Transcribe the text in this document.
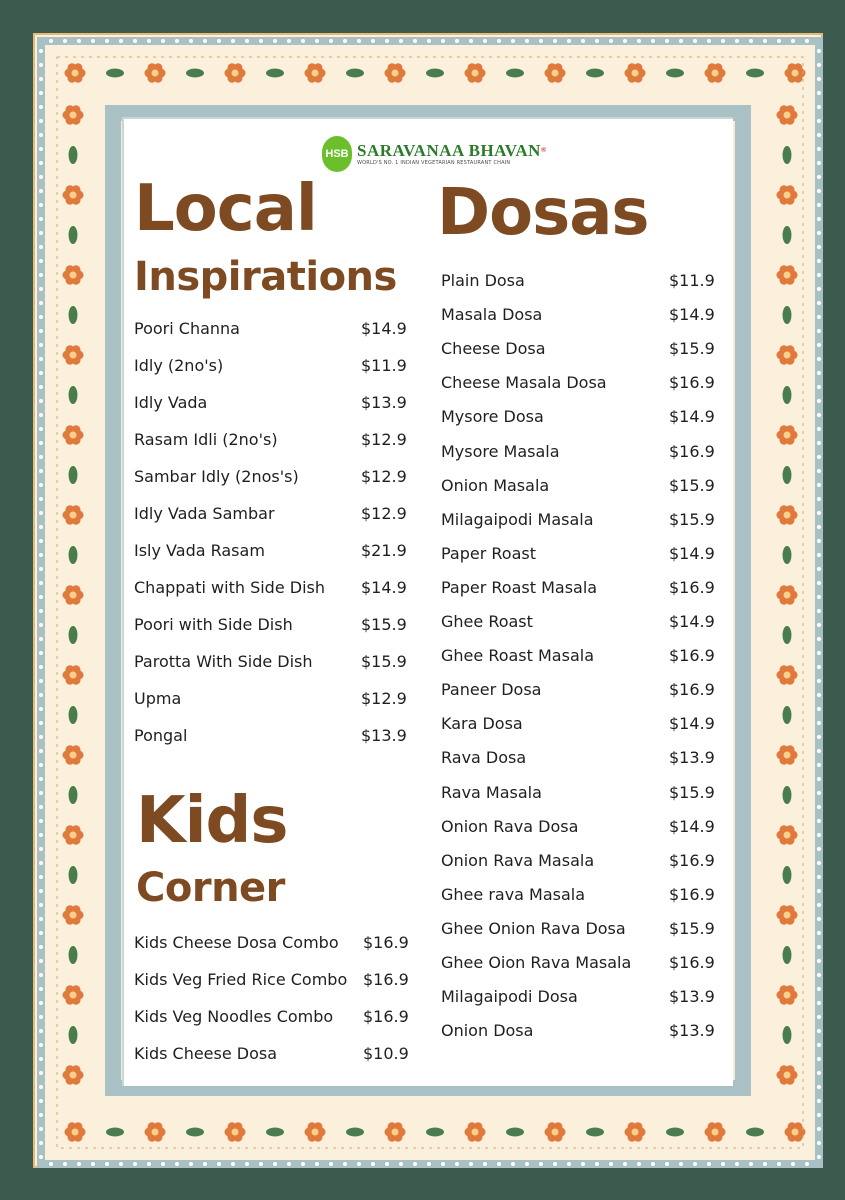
HSB SARAVANAA BHAVAN®
WORLD'S NO. 1 INDIAN VEGETARIAN RESTAURANT CHAIN
Local
Inspirations
Poori Channa	$14.9
Idly (2no's)	$11.9
Idly Vada	$13.9
Rasam Idli (2no's)	$12.9
Sambar Idly (2nos's)	$12.9
Idly Vada Sambar	$12.9
Isly Vada Rasam	$21.9
Chappati with Side Dish $14.9
Poori with Side Dish	$15.9
Parotta With Side Dish	$15.9
Upma	$12.9
Pongal	$13.9
Kids
Corner
Kids Cheese Dosa Combo $16.9
Kids Veg Fried Rice Combo $16.9
Kids Veg Noodles Combo $16.9
Kids Cheese Dosa	$10.9
Dosas
Plain Dosa	$11.9
Masala Dosa	$14.9
Cheese Dosa	$15.9
Cheese Masala Dosa	$16.9
Mysore Dosa	$14.9
Mysore Masala	$16.9
Onion Masala	$15.9
Milagaipodi Masala	$15.9
Paper Roast	$14.9
Paper Roast Masala	$16.9
Ghee Roast	$14.9
Ghee Roast Masala	$16.9
Paneer Dosa	$16.9
Kara Dosa	$14.9
Rava Dosa	$13.9
Rava Masala	$15.9
Onion Rava Dosa	$14.9
Onion Rava Masala	$16.9
Ghee rava Masala	$16.9
Ghee Onion Rava Dosa	$15.9
Ghee Oion Rava Masala $16.9
Milagaipodi Dosa	$13.9
Onion Dosa	$13.9
